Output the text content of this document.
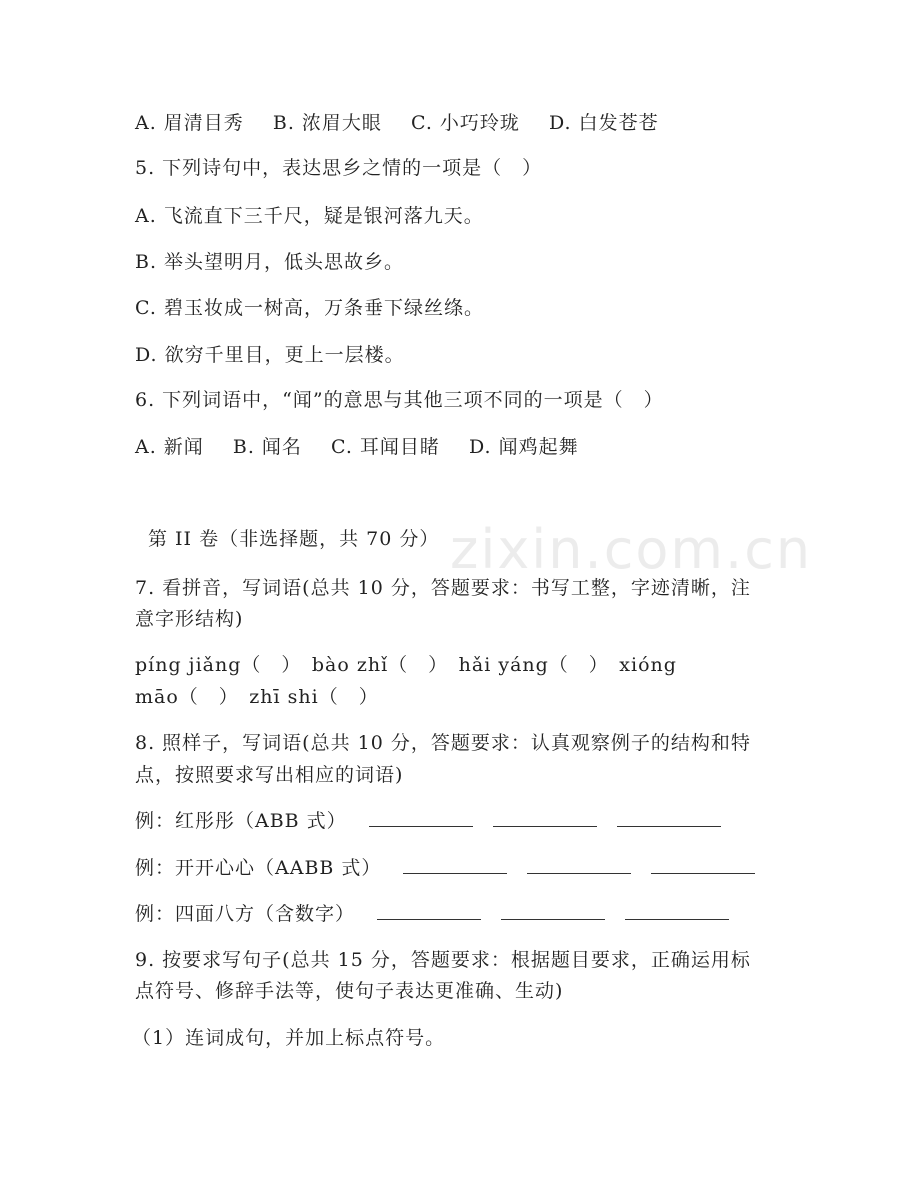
zixin.com.cn
A. 眉清目秀 B. 浓眉大眼 C. 小巧玲珑 D. 白发苍苍
5. 下列诗句中，表达思乡之情的一项是（　）
A. 飞流直下三千尺，疑是银河落九天。
B. 举头望明月，低头思故乡。
C. 碧玉妆成一树高，万条垂下绿丝绦。
D. 欲穷千里目，更上一层楼。
6. 下列词语中，“闻”的意思与其他三项不同的一项是（　）
A. 新闻 B. 闻名 C. 耳闻目睹 D. 闻鸡起舞
第 II 卷（非选择题，共 70 分）
7. 看拼音，写词语(总共 10 分，答题要求：书写工整，字迹清晰，注
意字形结构)
píng jiǎng（　）　bào zhǐ（　）　hǎi yáng（　）　xióng
māo（　）　zhī shi（　）
8. 照样子，写词语(总共 10 分，答题要求：认真观察例子的结构和特
点，按照要求写出相应的词语)
例：红彤彤（ABB 式）
例：开开心心（AABB 式）
例：四面八方（含数字）
9. 按要求写句子(总共 15 分，答题要求：根据题目要求，正确运用标
点符号、修辞手法等，使句子表达更准确、生动)
（1）连词成句，并加上标点符号。
